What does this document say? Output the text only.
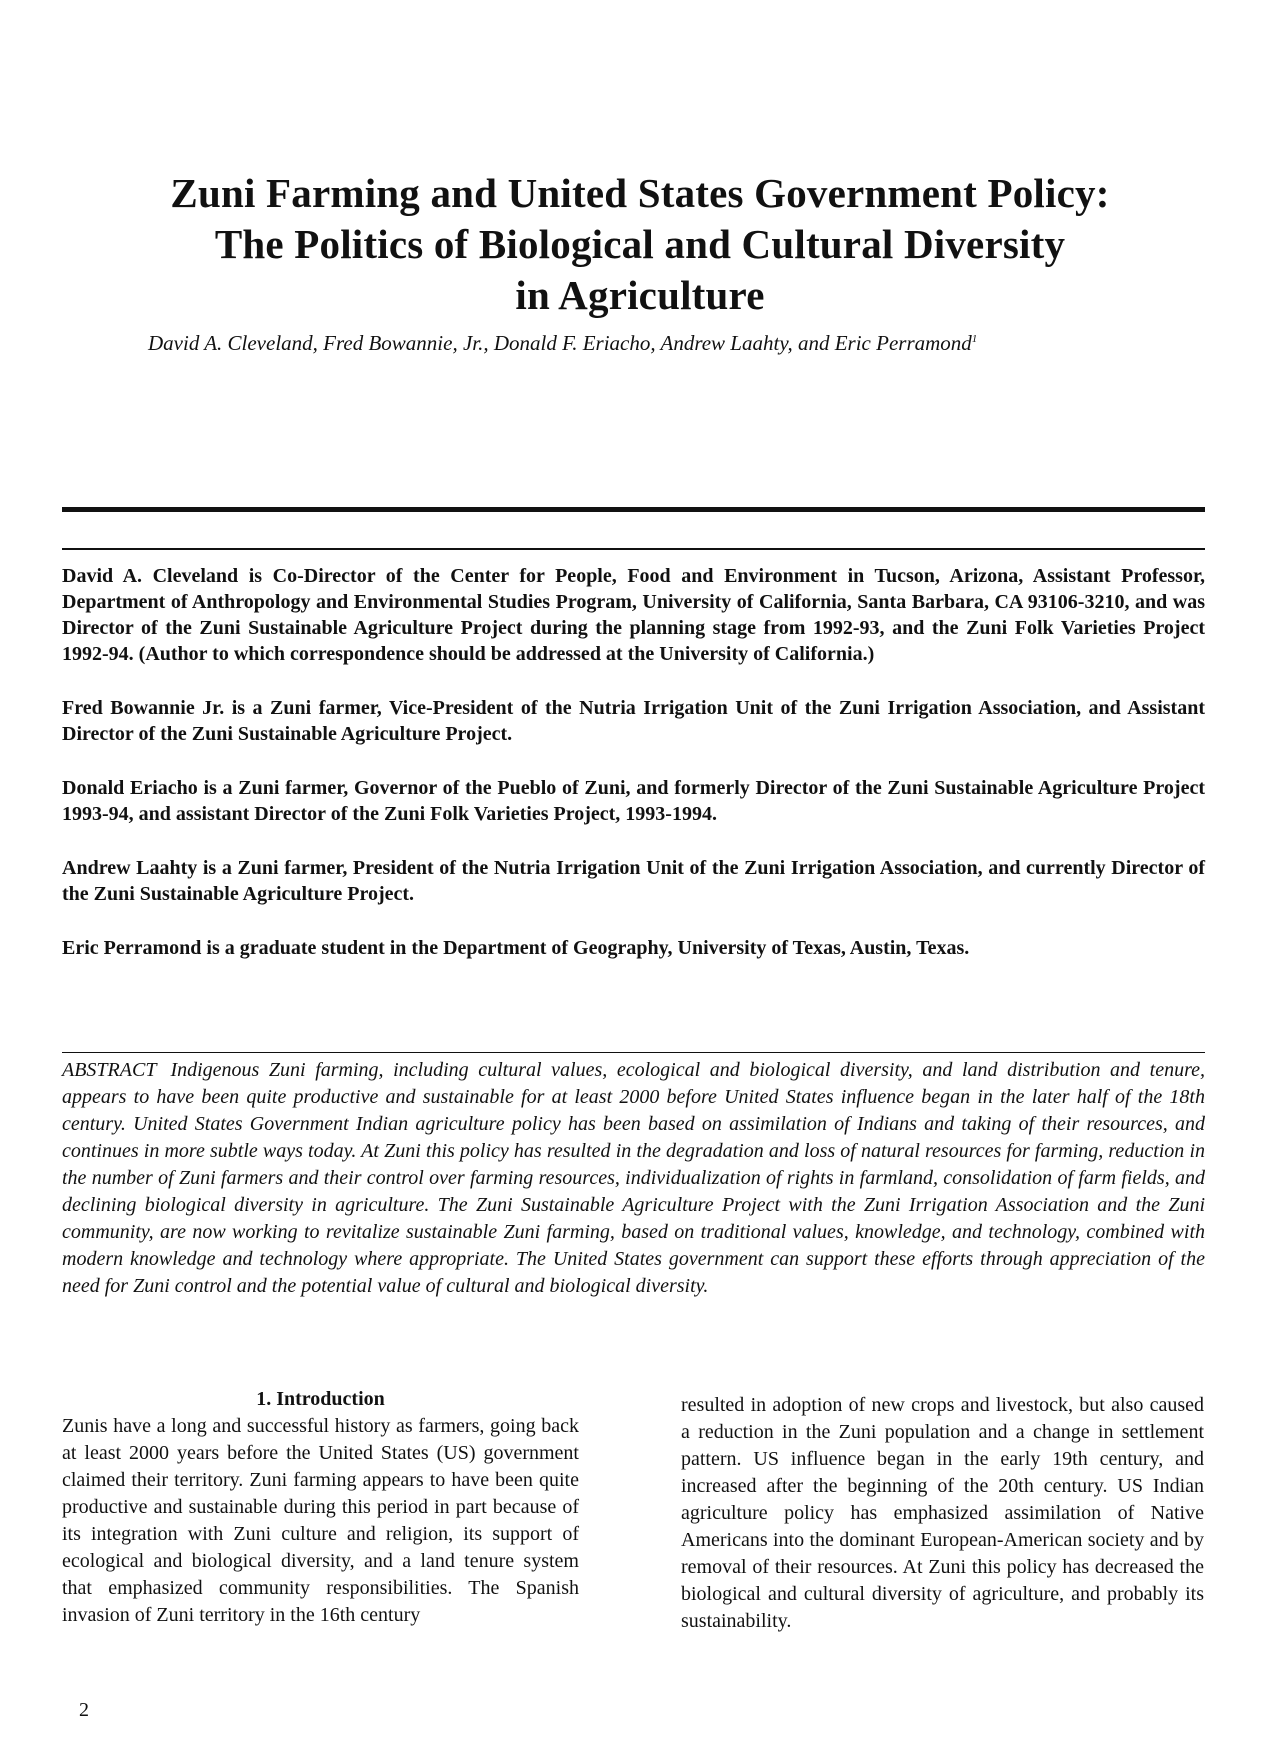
Zuni Farming and United States Government Policy:
The Politics of Biological and Cultural Diversity
in Agriculture
David A. Cleveland, Fred Bowannie, Jr., Donald F. Eriacho, Andrew Laahty, and Eric Perramond$^1$

David A. Cleveland is Co-Director of the Center for People, Food and Environment in Tucson, Arizona, Assistant Professor, Department of Anthropology and Environmental Studies Program, University of California, Santa Barbara, CA 93106-3210, and was Director of the Zuni Sustainable Agriculture Project during the planning stage from 1992-93, and the Zuni Folk Varieties Project 1992-94. (Author to which correspondence should be addressed at the University of California.)

Fred Bowannie Jr. is a Zuni farmer, Vice-President of the Nutria Irrigation Unit of the Zuni Irrigation Association, and Assistant Director of the Zuni Sustainable Agriculture Project.

Donald Eriacho is a Zuni farmer, Governor of the Pueblo of Zuni, and formerly Director of the Zuni Sustainable Agriculture Project 1993-94, and assistant Director of the Zuni Folk Varieties Project, 1993-1994.

Andrew Laahty is a Zuni farmer, President of the Nutria Irrigation Unit of the Zuni Irrigation Association, and currently Director of the Zuni Sustainable Agriculture Project.

Eric Perramond is a graduate student in the Department of Geography, University of Texas, Austin, Texas.

ABSTRACT Indigenous Zuni farming, including cultural values, ecological and biological diversity, and land distribution and tenure, appears to have been quite productive and sustainable for at least 2000 before United States influence began in the later half of the 18th century. United States Government Indian agriculture policy has been based on assimilation of Indians and taking of their resources, and continues in more subtle ways today. At Zuni this policy has resulted in the degradation and loss of natural resources for farming, reduction in the number of Zuni farmers and their control over farming resources, individualization of rights in farmland, consolidation of farm fields, and declining biological diversity in agriculture. The Zuni Sustainable Agriculture Project with the Zuni Irrigation Association and the Zuni community, are now working to revitalize sustainable Zuni farming, based on traditional values, knowledge, and technology, combined with modern knowledge and technology where appropriate. The United States government can support these efforts through appreciation of the need for Zuni control and the potential value of cultural and biological diversity.
1. Introduction
Zunis have a long and successful history as farmers, going back at least 2000 years before the United States (US) government claimed their territory. Zuni farming appears to have been quite productive and sustainable during this period in part because of its integration with Zuni culture and religion, its support of ecological and biological diversity, and a land tenure system that emphasized community responsibilities. The Spanish invasion of Zuni territory in the 16th century
resulted in adoption of new crops and livestock, but also caused a reduction in the Zuni population and a change in settlement pattern. US influence began in the early 19th century, and increased after the beginning of the 20th century. US Indian agriculture policy has emphasized assimilation of Native Americans into the dominant European-American society and by removal of their resources. At Zuni this policy has decreased the biological and cultural diversity of agriculture, and probably its sustainability.
2
